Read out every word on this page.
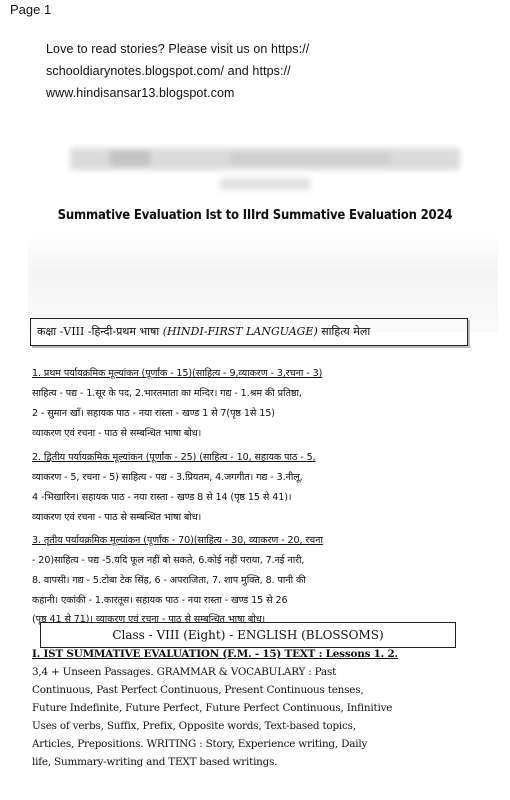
Page 1
Love to read stories? Please visit us on https://
schooldiarynotes.blogspot.com/ and https://
www.hindisansar13.blogspot.com
Summative Evaluation Ist to IIIrd Summative Evaluation 2024
कक्षा -VIII -हिन्दी-प्रथम भाषा (HINDI-FIRST LANGUAGE) साहित्य मेला
1. प्रथम पर्यायक्रमिक मूल्यांकन (पूर्णांक - 15)(साहित्य - 9,व्याकरण - 3,रचना - 3)
साहित्य - पद्य - 1.सूर के पद, 2.भारतमाता का मन्दिर। गद्य - 1.श्रम की प्रतिष्ठा,
2 - सुमान खाँ। सहायक पाठ - नया रास्ता - खण्ड 1 से 7(पृष्ठ 1से 15)
व्याकरण एवं रचना - पाठ से सम्बन्धित भाषा बोध।
2. द्वितीय पर्यायक्रमिक मूल्यांकन (पूर्णांक - 25) (साहित्य - 10, सहायक पाठ - 5,
व्याकरण - 5, रचना - 5) साहित्य - पद्य - 3.प्रियतम, 4.जगगीत। गद्य - 3.नीलू,
4 -भिखारिन। सहायक पाठ - नया रास्ता - खण्ड 8 से 14 (पृष्ठ 15 से 41)।
व्याकरण एवं रचना - पाठ से सम्बन्धित भाषा बोध।
3. तृतीय पर्यायक्रमिक मूल्यांकन (पूर्णांक - 70)(साहित्य - 30, व्याकरण - 20, रचना
- 20)साहित्य - पद्य -5.यदि फूल नहीं बो सकते, 6.कोई नहीं पराया, 7.नई नारी,
8. वापसी। गद्य - 5.टोबा टेक सिंह, 6 - अपराजिता, 7. शाप मुक्ति, 8. पानी की
कहानी। एकांकी - 1.कारतूस। सहायक पाठ - नया रास्ता - खण्ड 15 से 26
(पृष्ठ 41 से 71)। व्याकरण एवं रचना - पाठ से सम्बन्धित भाषा बोध।
Class - VIII (Eight) - ENGLISH (BLOSSOMS)
I. IST SUMMATIVE EVALUATION (F.M. - 15) TEXT : Lessons 1. 2.
3,4 + Unseen Passages. GRAMMAR & VOCABULARY : Past
Continuous, Past Perfect Continuous, Present Continuous tenses,
Future Indefinite, Future Perfect, Future Perfect Continuous, Infinitive
Uses of verbs, Suffix, Prefix, Opposite words, Text-based topics,
Articles, Prepositions. WRITING : Story, Experience writing, Daily
life, Summary-writing and TEXT based writings.
